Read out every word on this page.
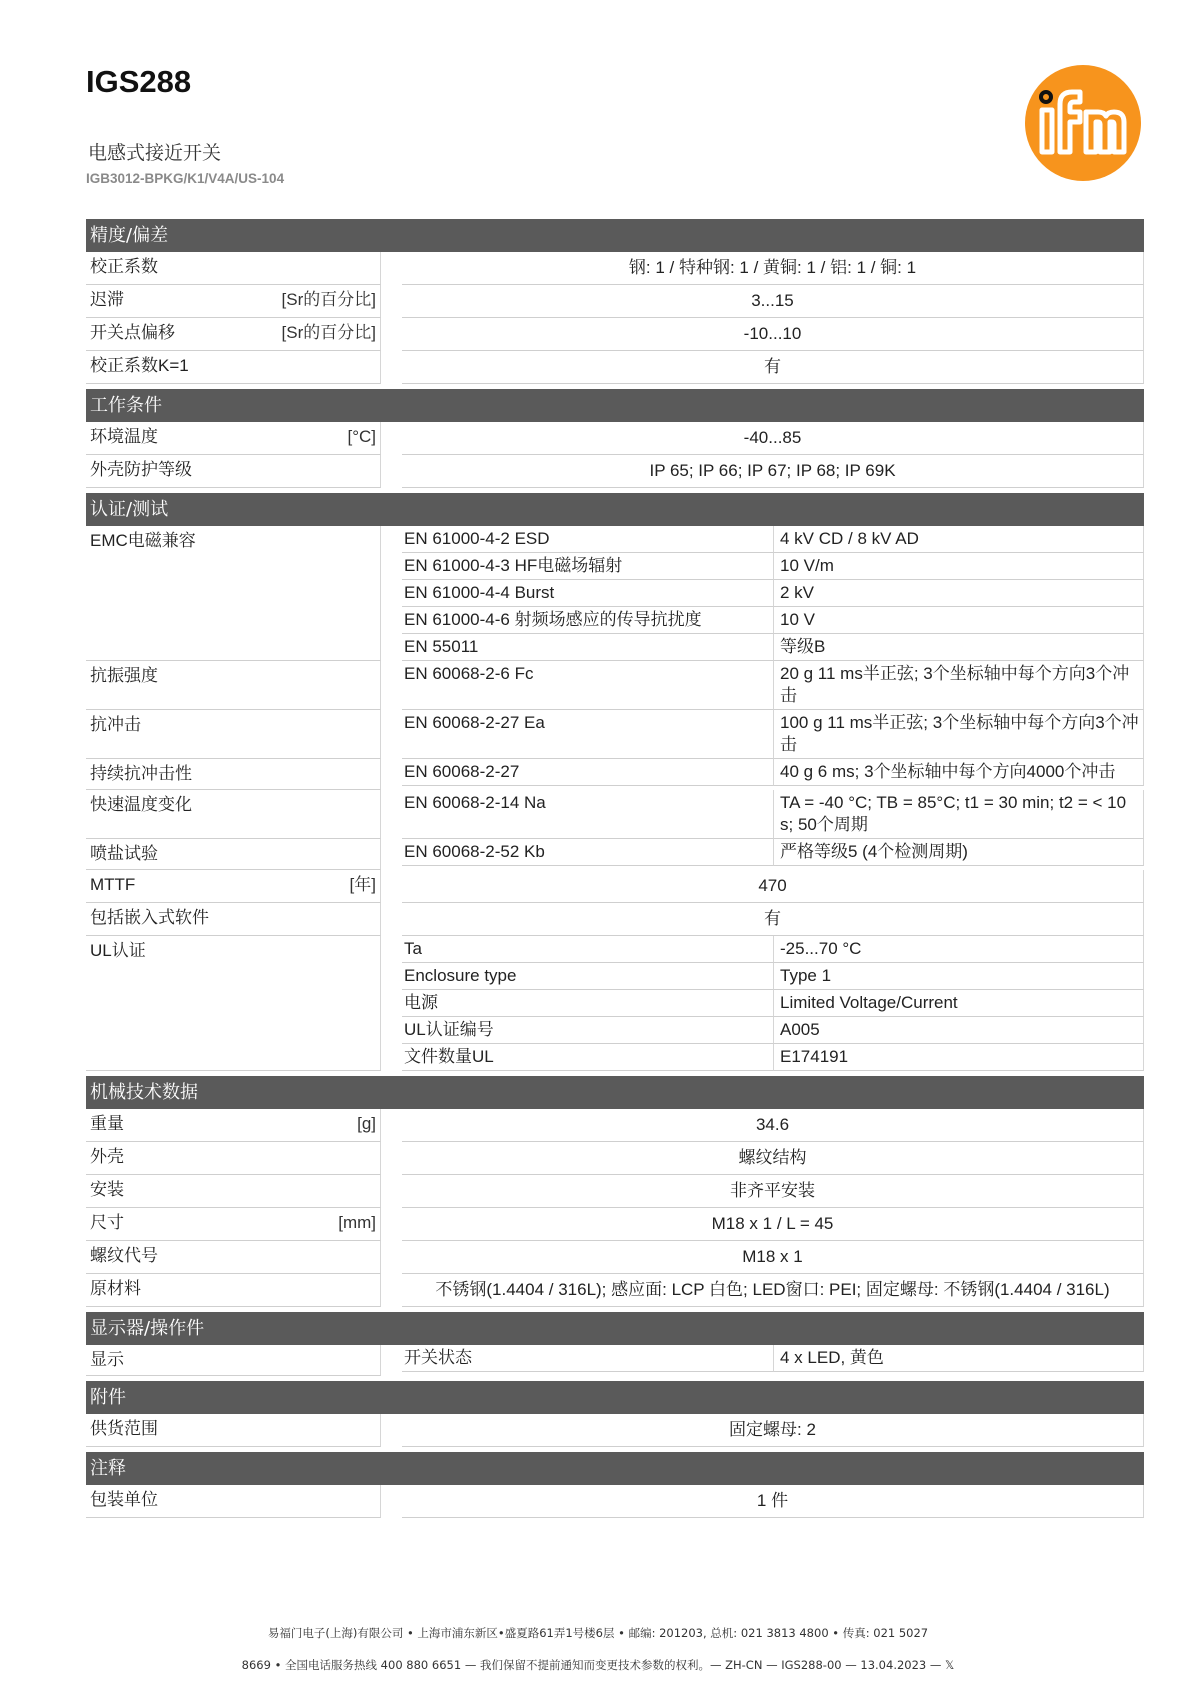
IGS288
电感式接近开关
IGB3012-BPKG/K1/V4A/US-104
精度/偏差
校正系数	钢: 1 / 特种钢: 1 / 黄铜: 1 / 铝: 1 / 铜: 1
迟滞	[Sr的百分比]	3...15
开关点偏移	[Sr的百分比]	-10...10
校正系数K=1	有
工作条件
环境温度	[°C]	-40...85
外壳防护等级	IP 65; IP 66; IP 67; IP 68; IP 69K
认证/测试
EMC电磁兼容	EN 61000-4-2 ESD	4 kV CD / 8 kV AD
EN 61000-4-3 HF电磁场辐射	10 V/m
EN 61000-4-4 Burst	2 kV
EN 61000-4-6 射频场感应的传导抗扰度	10 V
EN 55011	等级B
抗振强度	EN 60068-2-6 Fc	20 g 11 ms半正弦; 3个坐标轴中每个方向3个冲击
抗冲击	EN 60068-2-27 Ea	100 g 11 ms半正弦; 3个坐标轴中每个方向3个冲击
持续抗冲击性	EN 60068-2-27	40 g 6 ms; 3个坐标轴中每个方向4000个冲击
快速温度变化	EN 60068-2-14 Na	TA = -40 °C; TB = 85°C; t1 = 30 min; t2 = < 10 s; 50个周期
喷盐试验	EN 60068-2-52 Kb	严格等级5 (4个检测周期)
MTTF	[年]	470
包括嵌入式软件	有
UL认证	Ta	-25...70 °C
Enclosure type	Type 1
电源	Limited Voltage/Current
UL认证编号	A005
文件数量UL	E174191
机械技术数据
重量	[g]	34.6
外壳	螺纹结构
安装	非齐平安装
尺寸	[mm]	M18 x 1 / L = 45
螺纹代号	M18 x 1
原材料	不锈钢(1.4404 / 316L); 感应面: LCP 白色; LED窗口: PEI; 固定螺母: 不锈钢(1.4404 / 316L)
显示器/操作件
显示	开关状态	4 x LED, 黄色
附件
供货范围	固定螺母: 2
注释
包装单位	1 件
易福门电子(上海)有限公司 • 上海市浦东新区•盛夏路61弄1号楼6层 • 邮编: 201203, 总机: 021 3813 4800 • 传真: 021 5027
8669 • 全国电话服务热线 400 880 6651 — 我们保留不提前通知而变更技术参数的权利。— ZH-CN — IGS288-00 — 13.04.2023 — 𝕏
